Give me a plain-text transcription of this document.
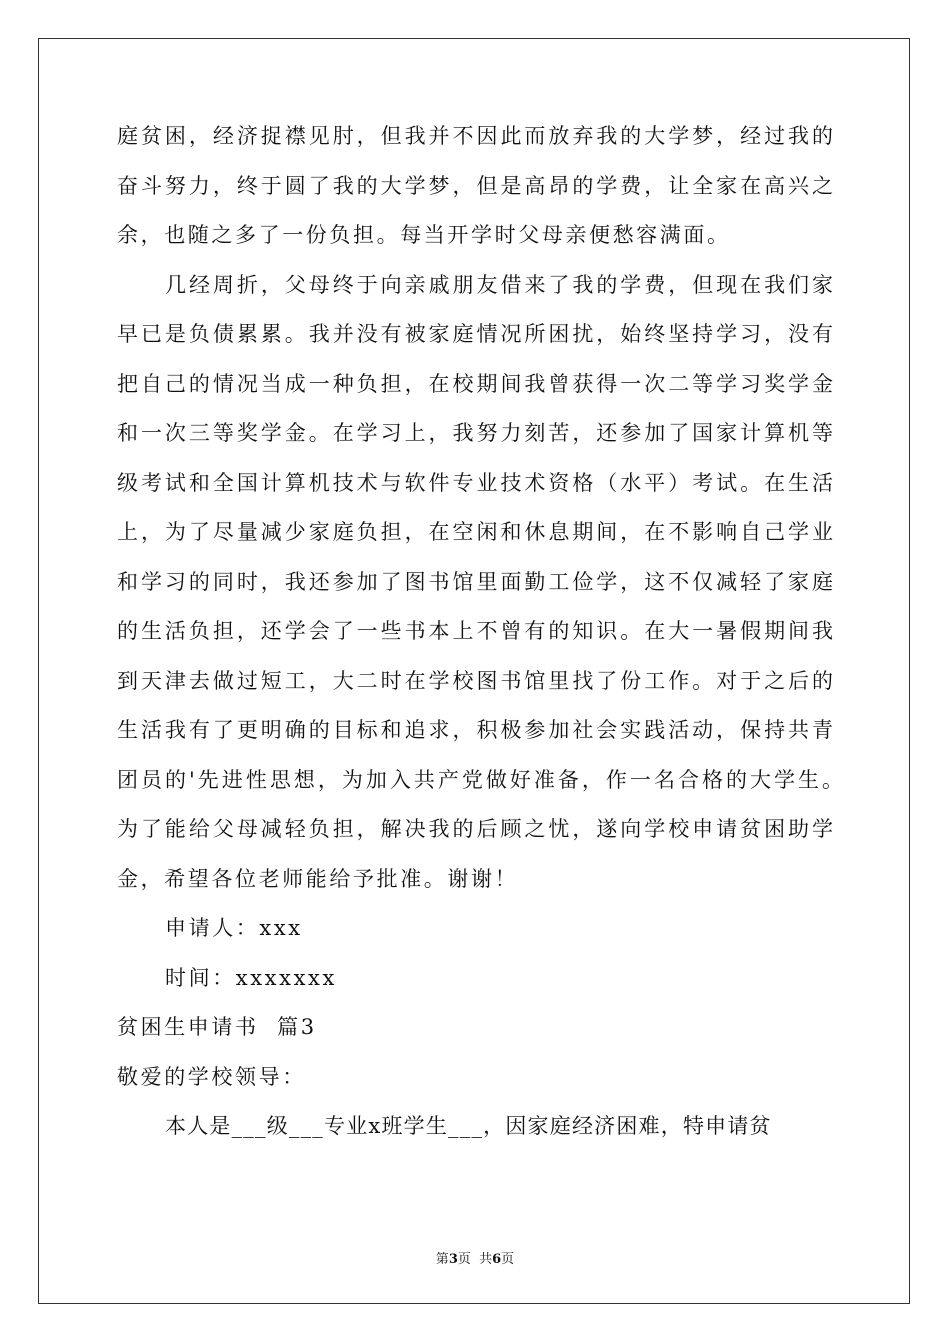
庭贫困，经济捉襟见肘，但我并不因此而放弃我的大学梦，经过我的
奋斗努力，终于圆了我的大学梦，但是高昂的学费，让全家在高兴之
余，也随之多了一份负担。每当开学时父母亲便愁容满面。
几经周折，父母终于向亲戚朋友借来了我的学费，但现在我们家
早已是负债累累。我并没有被家庭情况所困扰，始终坚持学习，没有
把自己的情况当成一种负担，在校期间我曾获得一次二等学习奖学金
和一次三等奖学金。在学习上，我努力刻苦，还参加了国家计算机等
级考试和全国计算机技术与软件专业技术资格（水平）考试。在生活
上，为了尽量减少家庭负担，在空闲和休息期间，在不影响自己学业
和学习的同时，我还参加了图书馆里面勤工俭学，这不仅减轻了家庭
的生活负担，还学会了一些书本上不曾有的知识。在大一暑假期间我
到天津去做过短工，大二时在学校图书馆里找了份工作。对于之后的
生活我有了更明确的目标和追求，积极参加社会实践活动，保持共青
团员的'先进性思想，为加入共产党做好准备，作一名合格的大学生。
为了能给父母减轻负担，解决我的后顾之忧，遂向学校申请贫困助学
金，希望各位老师能给予批准。谢谢！
申请人：xxx
时间：xxxxxxx
贫困生申请书  篇3
敬爱的学校领导：
本人是___级___专业x班学生___，因家庭经济困难，特申请贫
第3页  共6页
